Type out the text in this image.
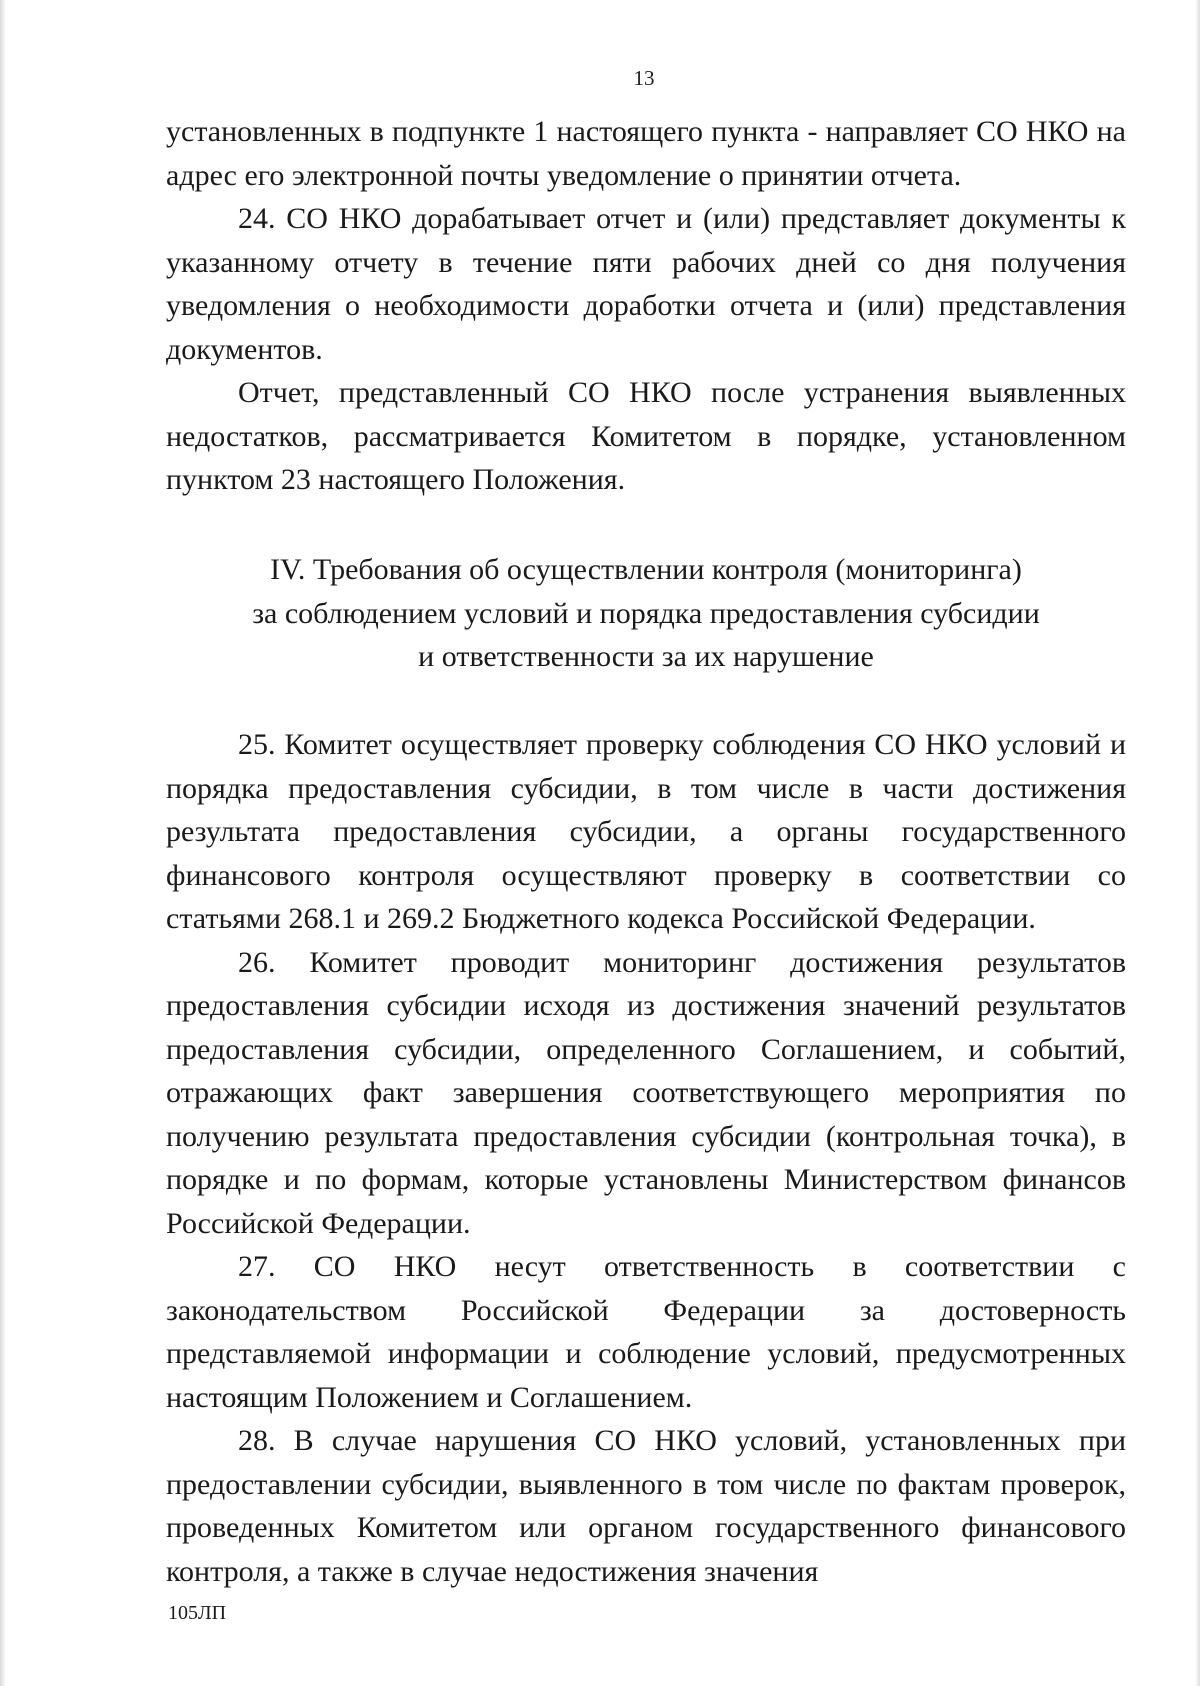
13

установленных в подпункте 1 настоящего пункта - направляет СО НКО на адрес его электронной почты уведомление о принятии отчета.

24. СО НКО дорабатывает отчет и (или) представляет документы к указанному отчету в течение пяти рабочих дней со дня получения уведомления о необходимости доработки отчета и (или) представления документов.

Отчет, представленный СО НКО после устранения выявленных недостатков, рассматривается Комитетом в порядке, установленном пунктом 23 настоящего Положения.

IV. Требования об осуществлении контроля (мониторинга)
за соблюдением условий и порядка предоставления субсидии
и ответственности за их нарушение

25. Комитет осуществляет проверку соблюдения СО НКО условий и порядка предоставления субсидии, в том числе в части достижения результата предоставления субсидии, а органы государственного финансового контроля осуществляют проверку в соответствии со статьями 268.1 и 269.2 Бюджетного кодекса Российской Федерации.

26. Комитет проводит мониторинг достижения результатов предоставления субсидии исходя из достижения значений результатов предоставления субсидии, определенного Соглашением, и событий, отражающих факт завершения соответствующего мероприятия по получению результата предоставления субсидии (контрольная точка), в порядке и по формам, которые установлены Министерством финансов Российской Федерации.

27. СО НКО несут ответственность в соответствии с законодательством Российской Федерации за достоверность представляемой информации и соблюдение условий, предусмотренных настоящим Положением и Соглашением.

28. В случае нарушения СО НКО условий, установленных при предоставлении субсидии, выявленного в том числе по фактам проверок, проведенных Комитетом или органом государственного финансового контроля, а также в случае недостижения значения

105ЛП
